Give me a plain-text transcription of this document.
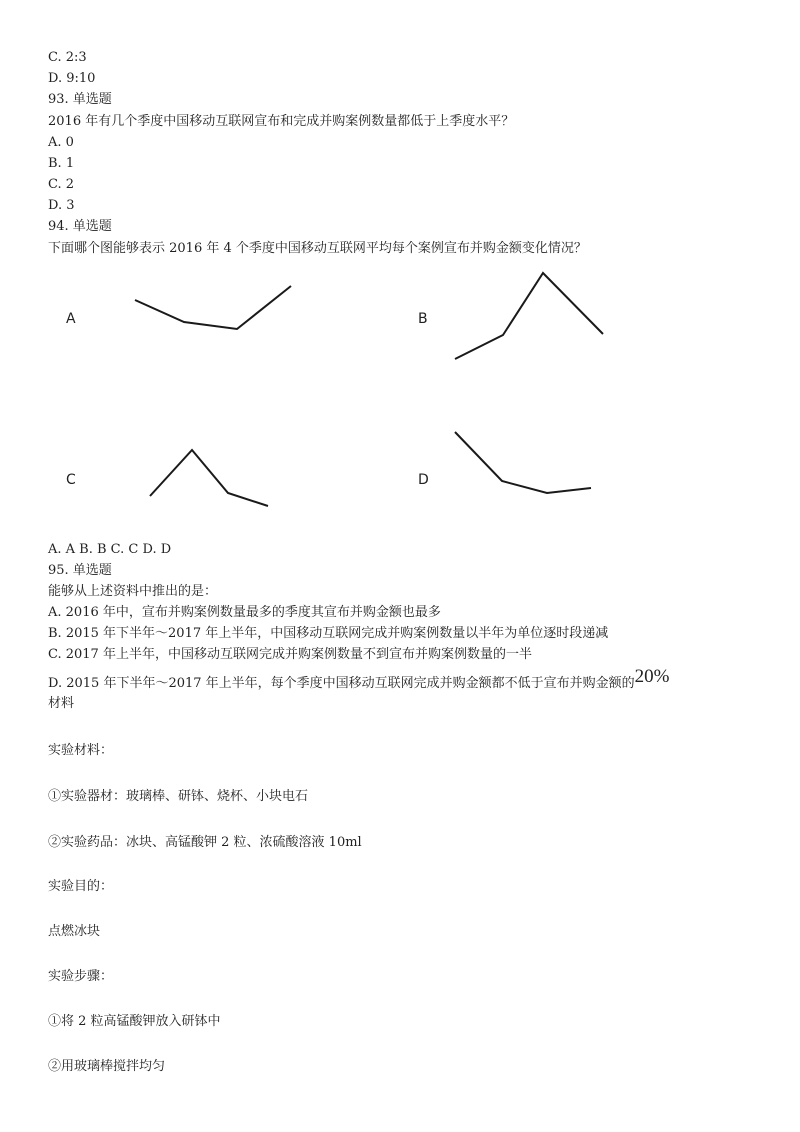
C. 2:3
D. 9:10
93. 单选题
2016 年有几个季度中国移动互联网宣布和完成并购案例数量都低于上季度水平？
A. 0
B. 1
C. 2
D. 3
94. 单选题
下面哪个图能够表示 2016 年 4 个季度中国移动互联网平均每个案例宣布并购金额变化情况？
A	B
C	D
A. A B. B C. C D. D
95. 单选题
能够从上述资料中推出的是：
A. 2016 年中，宣布并购案例数量最多的季度其宣布并购金额也最多
B. 2015 年下半年～2017 年上半年，中国移动互联网完成并购案例数量以半年为单位逐时段递减
C. 2017 年上半年，中国移动互联网完成并购案例数量不到宣布并购案例数量的一半
D. 2015 年下半年～2017 年上半年，每个季度中国移动互联网完成并购金额都不低于宣布并购金额的20%
材料
实验材料：
①实验器材：玻璃棒、研钵、烧杯、小块电石
②实验药品：冰块、高锰酸钾 2 粒、浓硫酸溶液 10ml
实验目的：
点燃冰块
实验步骤：
①将 2 粒高锰酸钾放入研钵中
②用玻璃棒搅拌均匀
